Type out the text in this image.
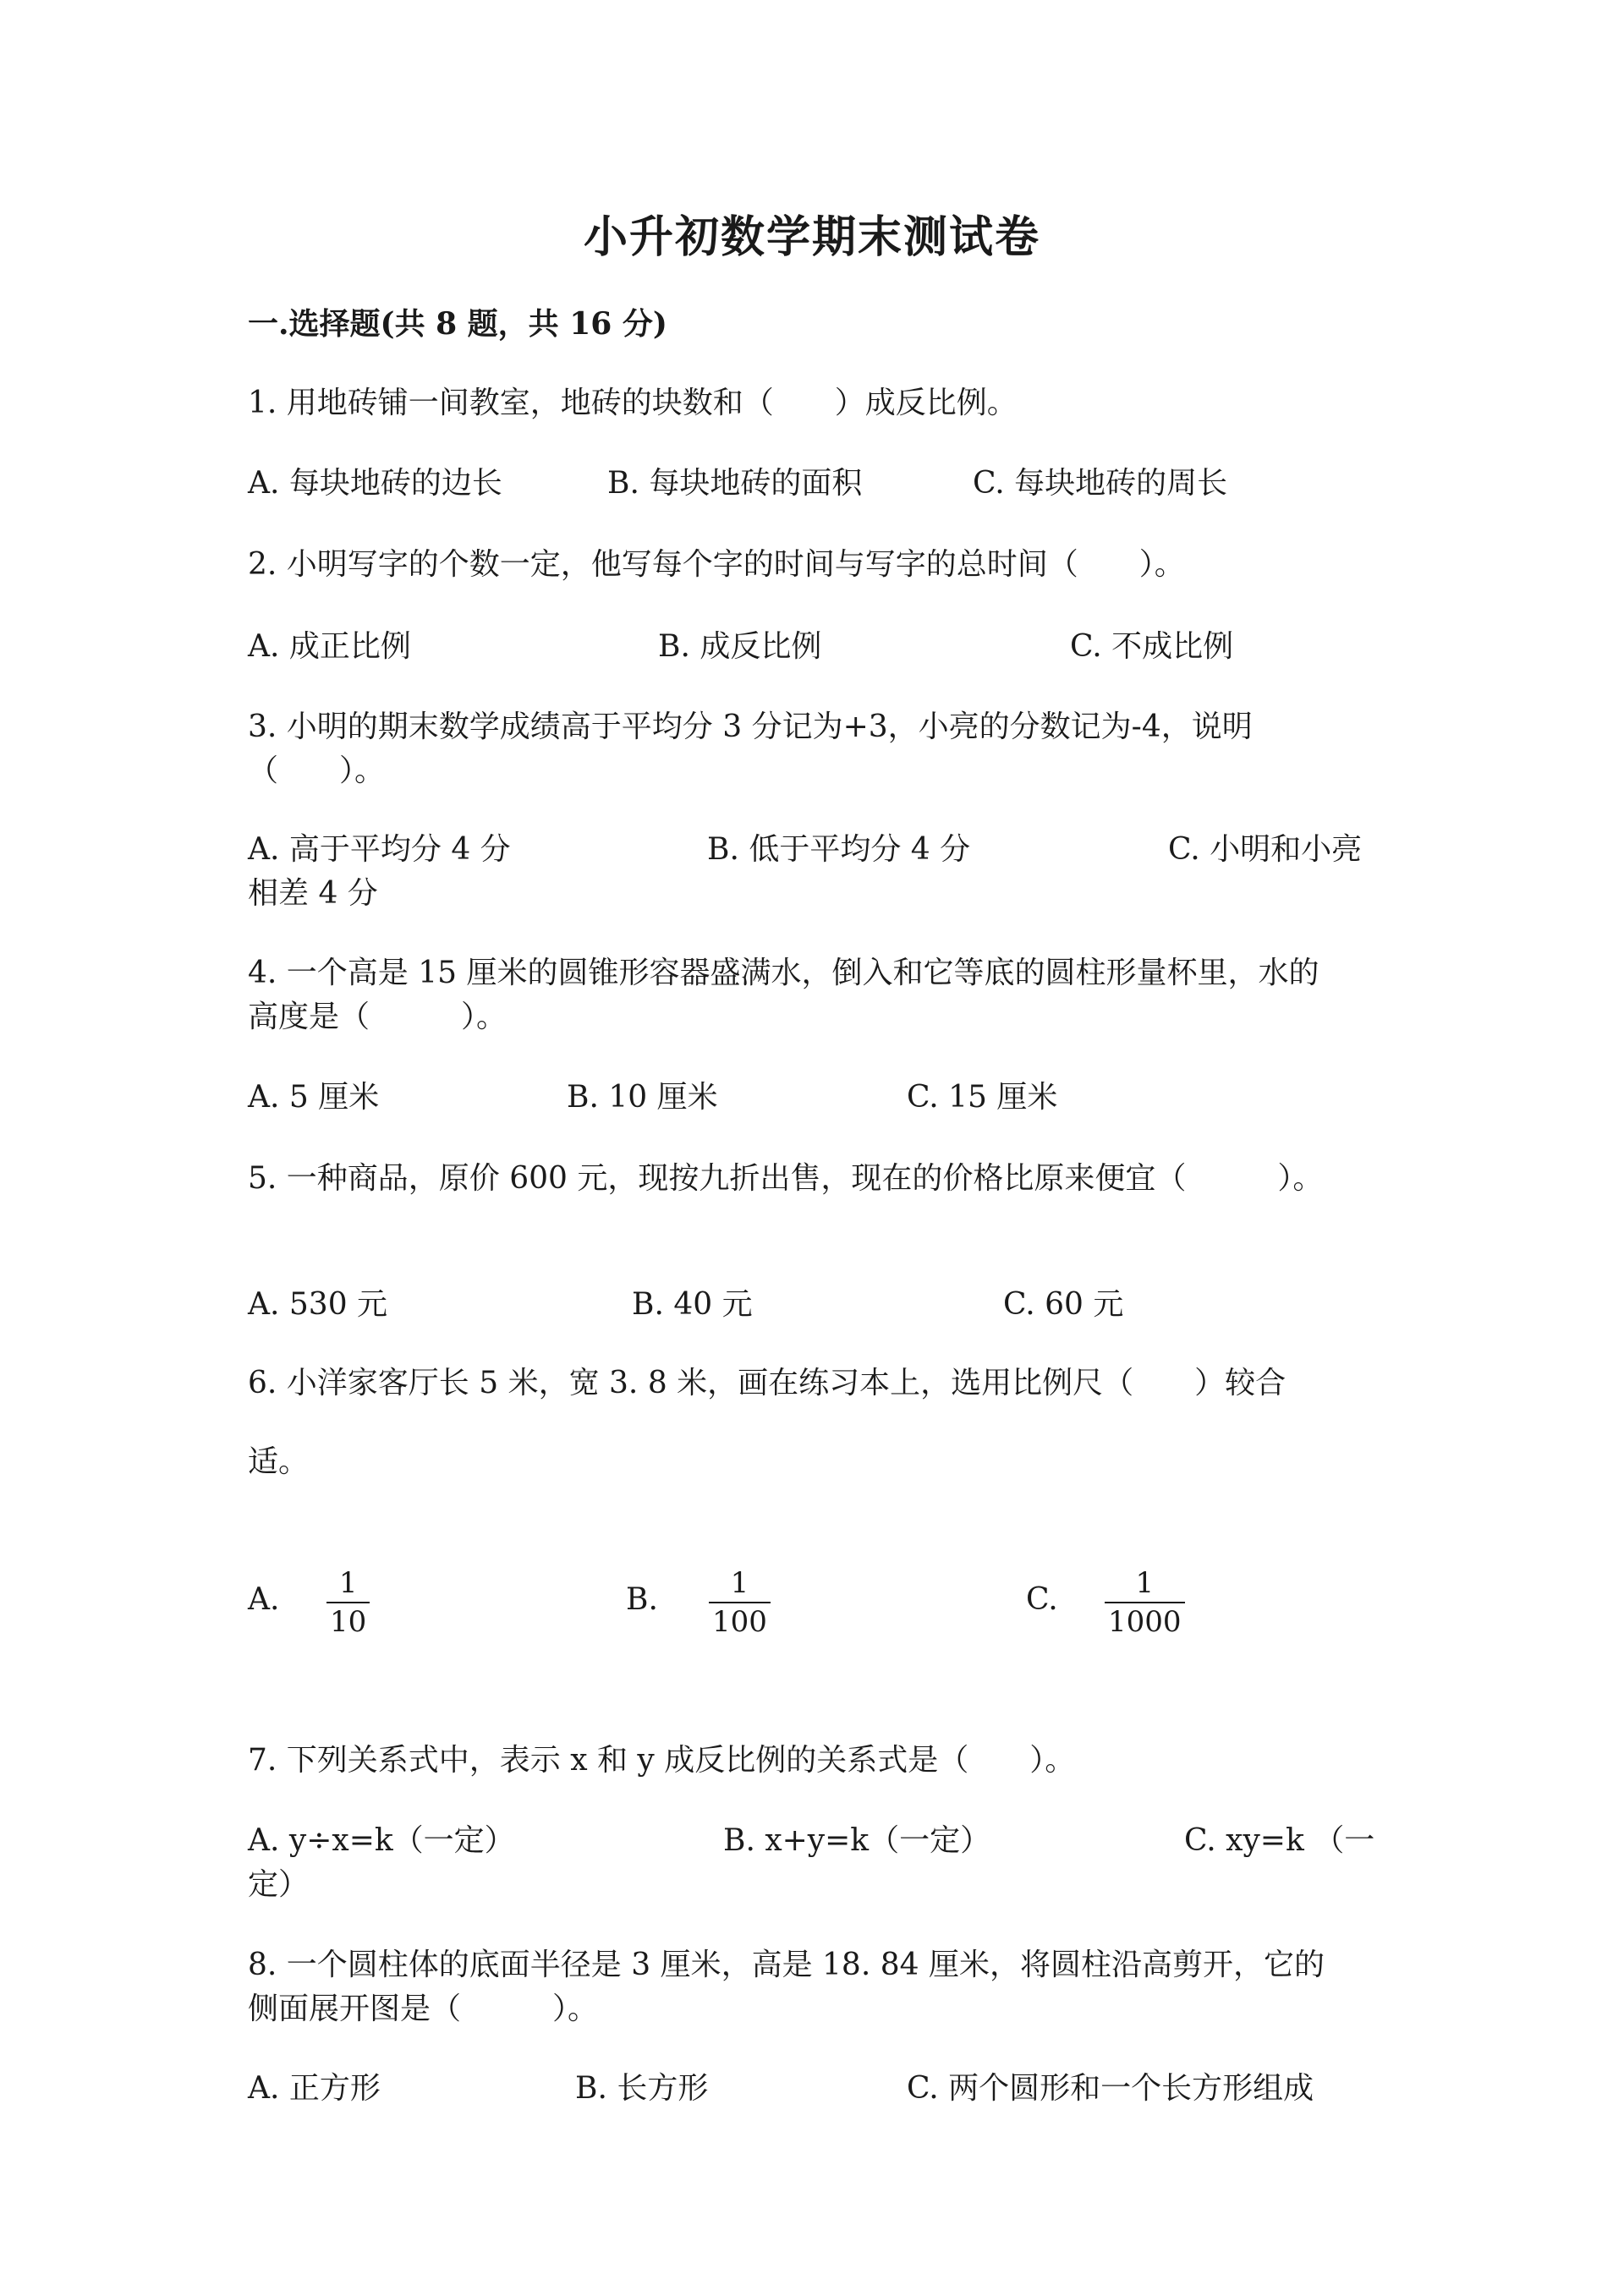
小升初数学期末测试卷
一.选择题(共 8 题，共 16 分)
1. 用地砖铺一间教室，地砖的块数和（　　）成反比例。
A. 每块地砖的边长	B. 每块地砖的面积	C. 每块地砖的周长
2. 小明写字的个数一定，他写每个字的时间与写字的总时间（　　）。
A. 成正比例	B. 成反比例	C. 不成比例
3. 小明的期末数学成绩高于平均分 3 分记为+3，小亮的分数记为-4，说明
（　　）。
A. 高于平均分 4 分	B. 低于平均分 4 分	C. 小明和小亮
相差 4 分
4. 一个高是 15 厘米的圆锥形容器盛满水，倒入和它等底的圆柱形量杯里，水的
高度是（　　　）。
A. 5 厘米	B. 10 厘米	C. 15 厘米
5. 一种商品，原价 600 元，现按九折出售，现在的价格比原来便宜（　　　）。
A. 530 元	B. 40 元	C. 60 元
6. 小洋家客厅长 5 米，宽 3. 8 米，画在练习本上，选用比例尺（　　）较合
适。
A.	1
10
B.	1
100
C.	1
1000
7. 下列关系式中，表示 x 和 y 成反比例的关系式是（　　）。
A. y÷x=k（一定）	B. x+y=k（一定）	C. xy=k （一
定）
8. 一个圆柱体的底面半径是 3 厘米，高是 18. 84 厘米，将圆柱沿高剪开，它的
侧面展开图是（　　　）。
A. 正方形	B. 长方形	C. 两个圆形和一个长方形组成
